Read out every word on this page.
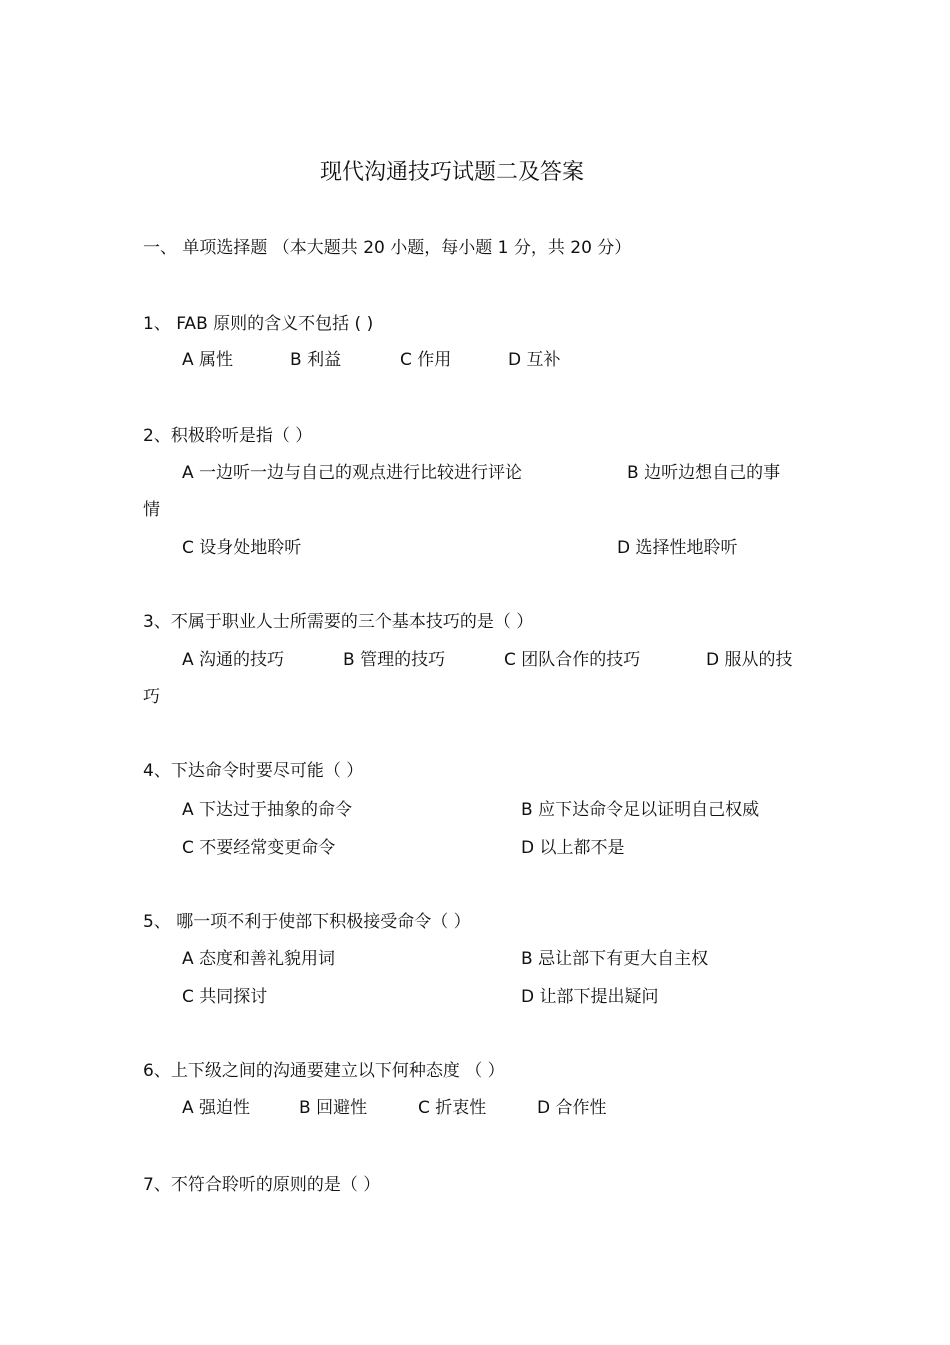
现代沟通技巧试题二及答案
一、 单项选择题 （本大题共 20 小题，每小题 1 分，共 20 分）
1、 FAB 原则的含义不包括 ( )
A 属性	B 利益	C 作用	D 互补
2、积极聆听是指（ ）
A 一边听一边与自己的观点进行比较进行评论	B 边听边想自己的事
情
C 设身处地聆听	D 选择性地聆听
3、不属于职业人士所需要的三个基本技巧的是（ ）
A 沟通的技巧	B 管理的技巧	C 团队合作的技巧	D 服从的技
巧
4、下达命令时要尽可能（ ）
A 下达过于抽象的命令	B 应下达命令足以证明自己权威
C 不要经常变更命令	D 以上都不是
5、 哪一项不利于使部下积极接受命令（ ）
A 态度和善礼貌用词	B 忌让部下有更大自主权
C 共同探讨	D 让部下提出疑问
6、上下级之间的沟通要建立以下何种态度 （ ）
A 强迫性	B 回避性	C 折衷性	D 合作性
7、不符合聆听的原则的是（ ）
